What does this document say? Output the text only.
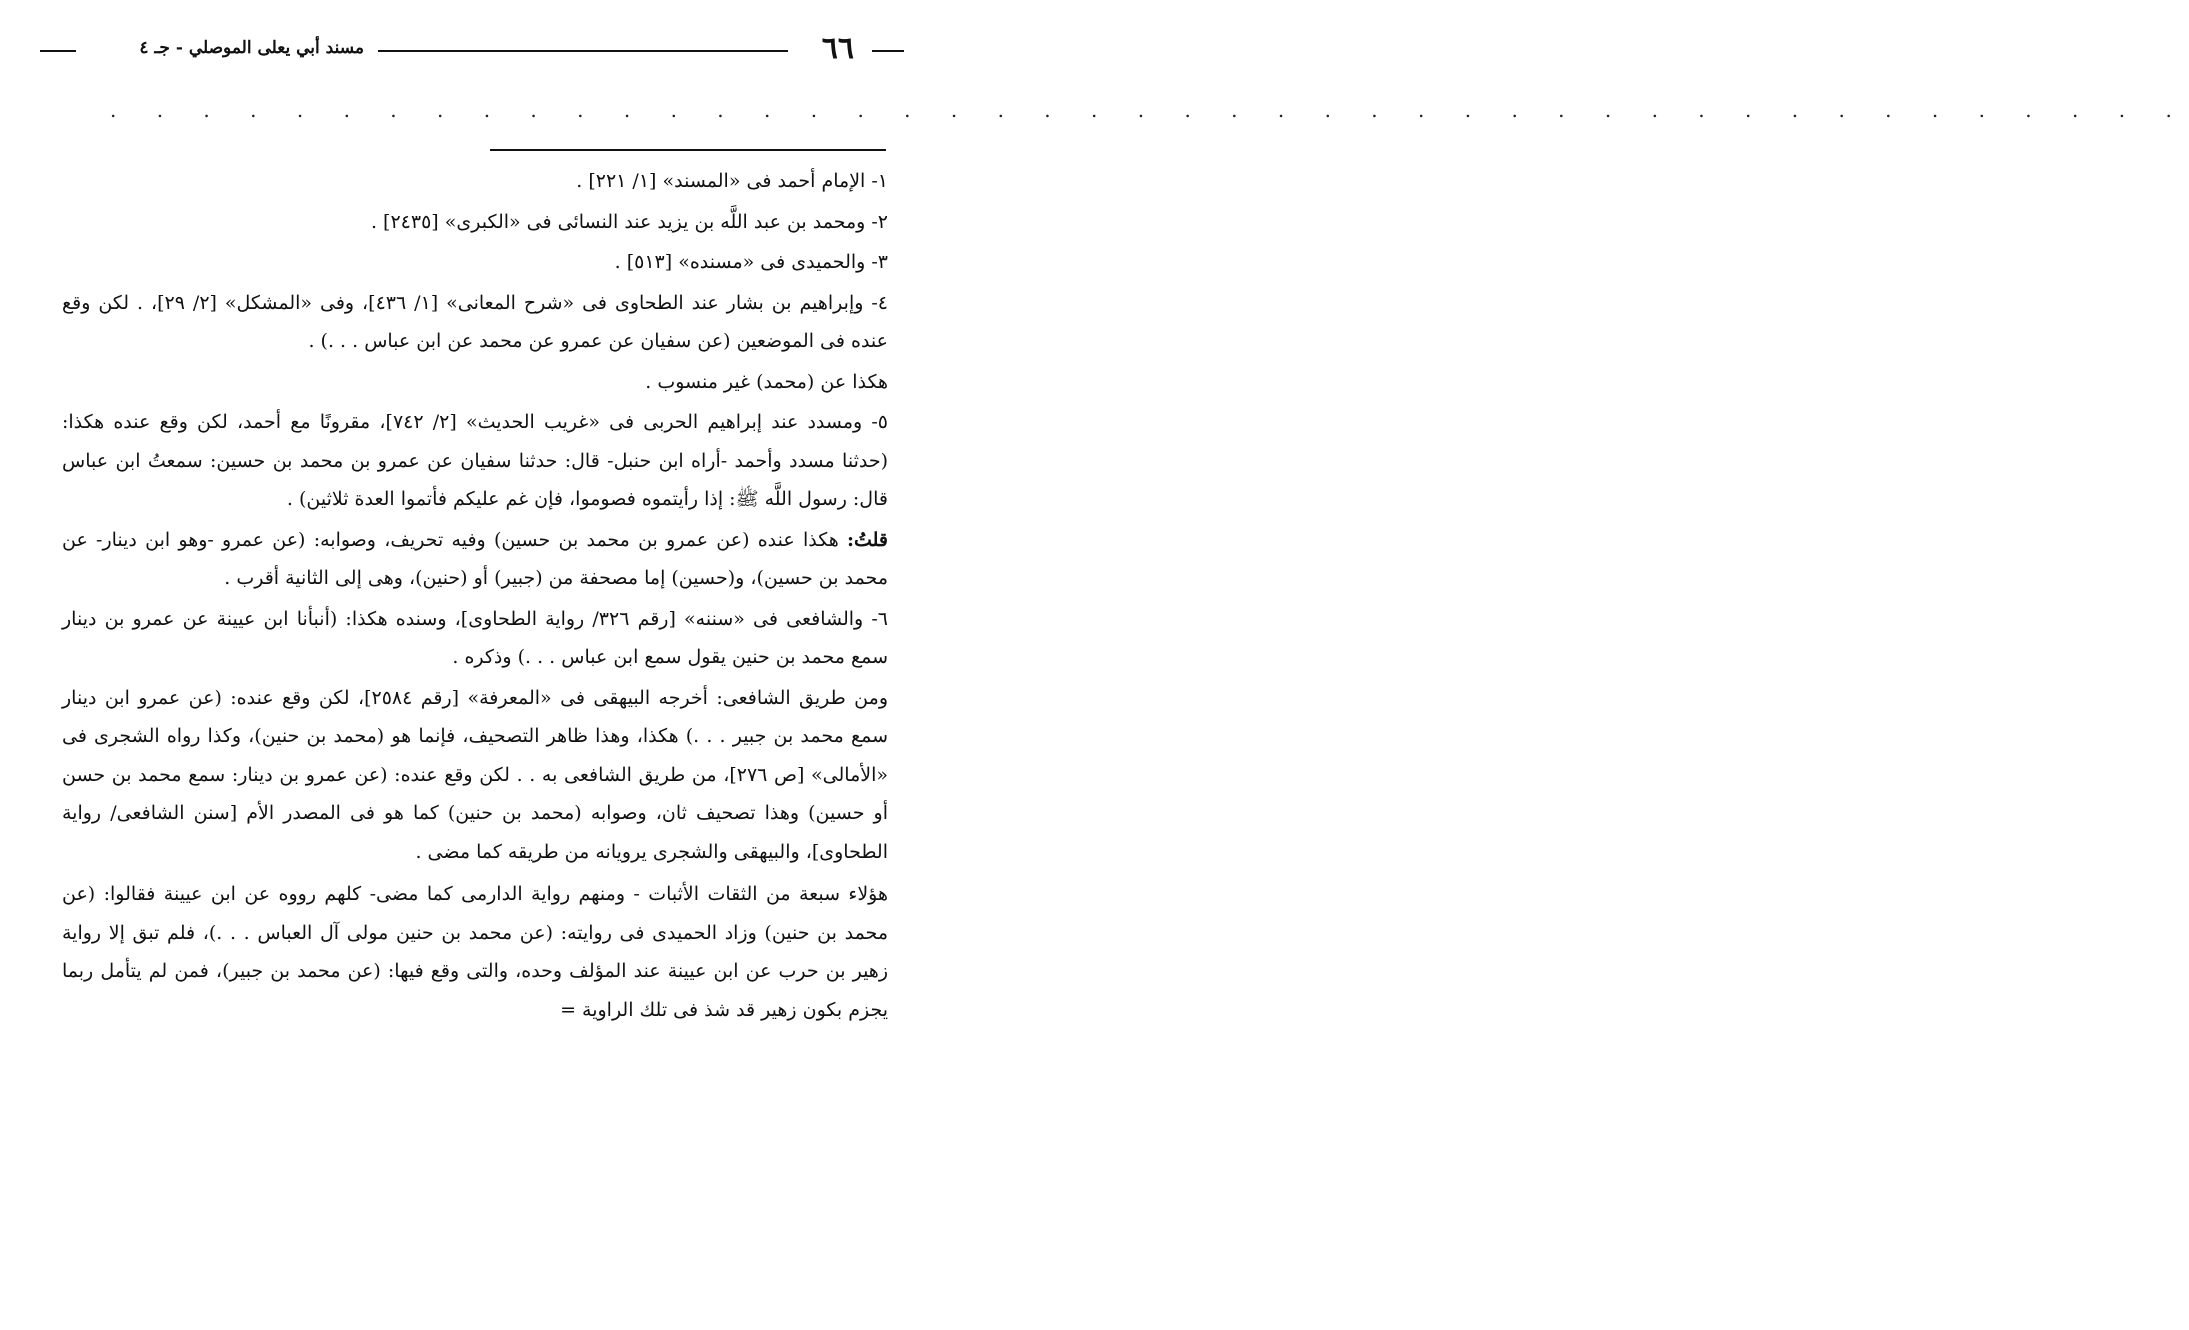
٦٦
مسند أبي يعلى الموصلي - جـ ٤
. . . . . . . . . . . . . . . . . . . . . . . . . . . . . . . . . . . . . . . . . . . . .

١- الإمام أحمد فى «المسند» [١/ ٢٢١] .

٢- ومحمد بن عبد اللَّه بن يزيد عند النسائى فى «الكبرى» [٢٤٣٥] .

٣- والحميدى فى «مسنده» [٥١٣] .

٤- وإبراهيم بن بشار عند الطحاوى فى «شرح المعانى» [١/ ٤٣٦]، وفى «المشكل» [٢/ ٢٩]، . لكن وقع عنده فى الموضعين (عن سفيان عن عمرو عن محمد عن ابن عباس . . .) .

هكذا عن (محمد) غير منسوب .

٥- ومسدد عند إبراهيم الحربى فى «غريب الحديث» [٢/ ٧٤٢]، مقرونًا مع أحمد، لكن وقع عنده هكذا: (حدثنا مسدد وأحمد -أراه ابن حنبل- قال: حدثنا سفيان عن عمرو بن محمد بن حسين: سمعتُ ابن عباس قال: رسول اللَّه ﷺ: إذا رأيتموه فصوموا، فإن غم عليكم فأتموا العدة ثلاثين) .

قلتُ: هكذا عنده (عن عمرو بن محمد بن حسين) وفيه تحريف، وصوابه: (عن عمرو -وهو ابن دينار- عن محمد بن حسين)، و(حسين) إما مصحفة من (جبير) أو (حنين)، وهى إلى الثانية أقرب .

٦- والشافعى فى «سننه» [رقم ٣٢٦/ رواية الطحاوى]، وسنده هكذا: (أنبأنا ابن عيينة عن عمرو بن دينار سمع محمد بن حنين يقول سمع ابن عباس . . .) وذكره .

ومن طريق الشافعى: أخرجه البيهقى فى «المعرفة» [رقم ٢٥٨٤]، لكن وقع عنده: (عن عمرو ابن دينار سمع محمد بن جبير . . .) هكذا، وهذا ظاهر التصحيف، فإنما هو (محمد بن حنين)، وكذا رواه الشجرى فى «الأمالى» [ص ٢٧٦]، من طريق الشافعى به . . لكن وقع عنده: (عن عمرو بن دينار: سمع محمد بن حسن أو حسين) وهذا تصحيف ثان، وصوابه (محمد بن حنين) كما هو فى المصدر الأم [سنن الشافعى/ رواية الطحاوى]، والبيهقى والشجرى يرويانه من طريقه كما مضى .

هؤلاء سبعة من الثقات الأثبات - ومنهم رواية الدارمى كما مضى- كلهم رووه عن ابن عيينة فقالوا: (عن محمد بن حنين) وزاد الحميدى فى روايته: (عن محمد بن حنين مولى آل العباس . . .)، فلم تبق إلا رواية زهير بن حرب عن ابن عيينة عند المؤلف وحده، والتى وقع فيها: (عن محمد بن جبير)، فمن لم يتأمل ربما يجزم بكون زهير قد شذ فى تلك الراوية =
